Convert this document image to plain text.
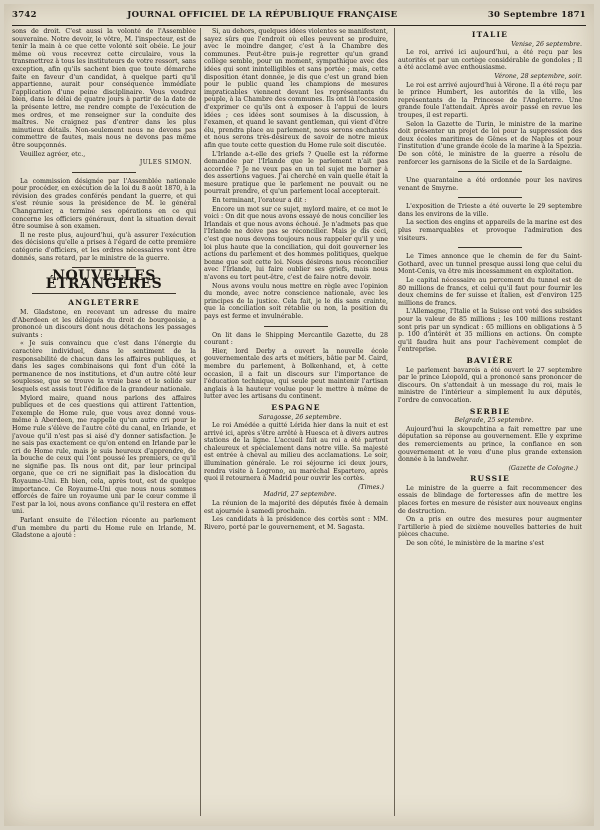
3742	JOURNAL OFFICIEL DE LA RÉPUBLIQUE FRANÇAISE	30 Septembre 1871

sons de droit. C'est aussi la volonté de l'Assemblée souveraine. Notre devoir, le vôtre, M. l'inspecteur, est de tenir la main à ce que cette volonté soit obéie. Le jour même où vous recevrez cette circulaire, vous la transmettrez à tous les instituteurs de votre ressort, sans exception, afin qu'ils sachent bien que toute démarche faite en faveur d'un candidat, à quelque parti qu'il appartienne, aurait pour conséquence immédiate l'application d'une peine disciplinaire. Vous voudrez bien, dans le délai de quatre jours à partir de la date de la présente lettre, me rendre compte de l'exécution de mes ordres, et me renseigner sur la conduite des maîtres. Ne craignez pas d'entrer dans les plus minutieux détails. Non-seulement nous ne devons pas commettre de fautes, mais nous ne devons pas même être soupçonnés.

Veuillez agréer, etc.,

JULES SIMON.

La commission désignée par l'Assemblée nationale pour procéder, en exécution de la loi du 8 août 1870, à la révision des grades conférés pendant la guerre, et qui s'est réunie sous la présidence de M. le général Changarnier, a terminé ses opérations en ce qui concerne les officiers généraux, dont la situation devait être soumise à son examen.

Il ne reste plus, aujourd'hui, qu'à assurer l'exécution des décisions qu'elle a prises à l'égard de cette première catégorie d'officiers, et les ordres nécessaires vont être donnés, sans retard, par le ministre de la guerre.

NOUVELLES ÉTRANGÈRES
ANGLETERRE

M. Gladstone, en recevant un adresse du maire d'Aberdeen et les délégués du droit de bourgeoisie, a prononcé un discours dont nous détachons les passages suivants :

« Je suis convaincu que c'est dans l'énergie du caractère individuel, dans le sentiment de la responsabilité de chacun dans les affaires publiques, et dans les sages combinaisons qui font d'un côté la permanence de nos institutions, et d'un autre côté leur souplesse, que se trouve la vraie base et le solide sur lesquels est assis tout l'édifice de la grandeur nationale.

Mylord maire, quand nous parlons des affaires publiques et de ces questions qui attirent l'attention, l'exemple de Home rule, que vous avez donné vous-même à Aberdeen, me rappelle qu'un autre cri pour le Home rule s'élève de l'autre côté du canal, en Irlande, et j'avoue qu'il n'est pas si aisé d'y donner satisfaction. Je ne sais pas exactement ce qu'on entend en Irlande par le cri de Home rule, mais je suis heureux d'apprendre, de la bouche de ceux qui l'ont poussé les premiers, ce qu'il ne signifie pas. Ils nous ont dit, par leur principal organe, que ce cri ne signifiait pas la dislocation du Royaume-Uni. Eh bien, cela, après tout, est de quelque importance. Ce Royaume-Uni que nous nous sommes efforcés de faire un royaume uni par le cœur comme il l'est par la loi, nous avons confiance qu'il restera en effet uni.

Parlant ensuite de l'élection récente au parlement d'un membre du parti du Home rule en Irlande, M. Gladstone a ajouté :

Si, au dehors, quelques idées violentes se manifestent, sayez sûrs que l'endroit où elles peuvent se produire, avec le moindre danger, c'est à la Chambre des communes. Peut-être puis-je regretter qu'un grand collège semble, pour un moment, sympathique avec des idées qui sont inintelligibles et sans portée ; mais, cette disposition étant donnée, je dis que c'est un grand bien pour le public quand les champions de mesures impraticables viennent devant les représentants du peuple, à la Chambre des communes. Ils ont là l'occasion d'exprimer ce qu'ils ont à exposer à l'appui de leurs idées ; ces idées sont soumises à la discussion, à l'examen, et quand le savant gentleman, qui vient d'être élu, prendra place au parlement, nous serons enchantés et nous serons très-désireux de savoir de notre mieux afin que toute cette question du Home rule soit discutée.

L'Irlande a-t-elle des griefs ? Quelle est la réforme demandée par l'Irlande que le parlement n'ait pas accordée ? Je ne veux pas en un tel sujet me borner à des assertions vagues. J'ai cherché en vain quelle était la mesure pratique que le parlement ne pouvait ou ne pourrait prendre, et qu'un parlement local accepterait.

En terminant, l'orateur a dit :

Encore un mot sur ce sujet, mylord maire, et ce mot le voici : On dit que nous avons essayé de nous concilier les Irlandais et que nous avons échoué. Je n'admets pas que l'Irlande ne doive pas se réconcilier. Mais je dis ceci, c'est que nous devons toujours nous rappeler qu'il y une loi plus haute que la conciliation, qui doit gouverner les actions du parlement et des hommes politiques, quelque bonne que soit cette loi. Nous désirons nous réconcilier avec l'Irlande, lui faire oublier ses griefs, mais nous n'avons eu tort peut-être, c'est de faire notre devoir.

Nous avons voulu nous mettre en règle avec l'opinion du monde, avec notre conscience nationale, avec les principes de la justice. Cela fait, je le dis sans crainte, que la conciliation soit rétablie ou non, la position du pays est ferme et invulnérable.

On lit dans le Shipping Mercantile Gazette, du 28 courant :

Hier, lord Derby a ouvert la nouvelle école gouvernementale des arts et métiers, bâtie par M. Caird, membre du parlement, à Bolkenhand, et, à cette occasion, il a fait un discours sur l'importance de l'éducation technique, qui seule peut maintenir l'artisan anglais à la hauteur voulue pour le mettre à même de lutter avec les artisans du continent.

ESPAGNE

Saragosse, 26 septembre.

Le roi Amédée a quitté Lérida hier dans la nuit et est arrivé ici, après s'être arrêté à Huesca et à divers autres stations de la ligne. L'accueil fait au roi a été partout chaleureux et spécialement dans notre ville. Sa majesté est entrée à cheval au milieu des acclamations. Le soir, illumination générale. Le roi séjourne ici deux jours, rendra visite à Logrono, au maréchal Espartero, après quoi il retournera à Madrid pour ouvrir les cortès.

(Times.)

Madrid, 27 septembre.

La réunion de la majorité des députés fixée à demain est ajournée à samedi prochain.

Les candidats à la présidence des cortès sont : MM. Rivero, porté par le gouvernement, et M. Sagasta.

ITALIE

Venise, 26 septembre.

Le roi, arrivé ici aujourd'hui, a été reçu par les autorités et par un cortège considérable de gondoles ; Il a été acclamé avec enthousiasme.

Vérone, 28 septembre, soir.

Le roi est arrivé aujourd'hui à Vérone. Il a été reçu par le prince Humbert, les autorités de la ville, les représentants de la Princesse de l'Angleterre. Une grande foule l'attendait. Après avoir passé en revue les troupes, il est reparti.

Selon la Gazette de Turin, le ministre de la marine doit présenter un projet de loi pour la suppression des deux écoles maritimes de Gênes et de Naples et pour l'institution d'une grande école de la marine à la Spezzia. De son côté, le ministre de la guerre a résolu de renforcer les garnisons de la Sicile et de la Sardaigne.

Une quarantaine a été ordonnée pour les navires venant de Smyrne.

L'exposition de Trieste a été ouverte le 29 septembre dans les environs de la ville.

La section des engins et appareils de la marine est des plus remarquables et provoque l'admiration des visiteurs.

Le Times annonce que le chemin de fer du Saint-Gothard, avec un tunnel presque aussi long que celui du Mont-Cenis, va être mis incessamment en exploitation.

Le capital nécessaire au percement du tunnel est de 80 millions de francs, et celui qu'il faut pour fournir les deux chemins de fer suisse et italien, est d'environ 125 millions de francs.

L'Allemagne, l'Italie et la Suisse ont voté des subsides pour la valeur de 85 millions ; les 100 millions restant sont pris par un syndicat : 65 millions en obligations à 5 p. 100 d'intérêt et 35 millions en actions. On compte qu'il faudra huit ans pour l'achèvement complet de l'entreprise.

BAVIÈRE

Le parlement bavarois a été ouvert le 27 septembre par le prince Léopold, qui a prononcé sans prononcer de discours. On s'attendait à un message du roi, mais le ministre de l'intérieur a simplement lu aux députés, l'ordre de convocation.

SERBIE

Belgrade, 25 septembre.

Aujourd'hui la skoupchtina a fait remettre par une députation sa réponse au gouvernement. Elle y exprime des remerciements au prince, la confiance en son gouvernement et le vœu d'une plus grande extension donnée à la landwehr.

(Gazette de Cologne.)
RUSSIE

Le ministre de la guerre a fait recommencer des essais de blindage de forteresses afin de mettre les places fortes en mesure de résister aux nouveaux engins de destruction.

On a pris en outre des mesures pour augmenter l'artillerie à pied de sixième nouvelles batteries de huit pièces chacune.

De son côté, le ministère de la marine s'est
